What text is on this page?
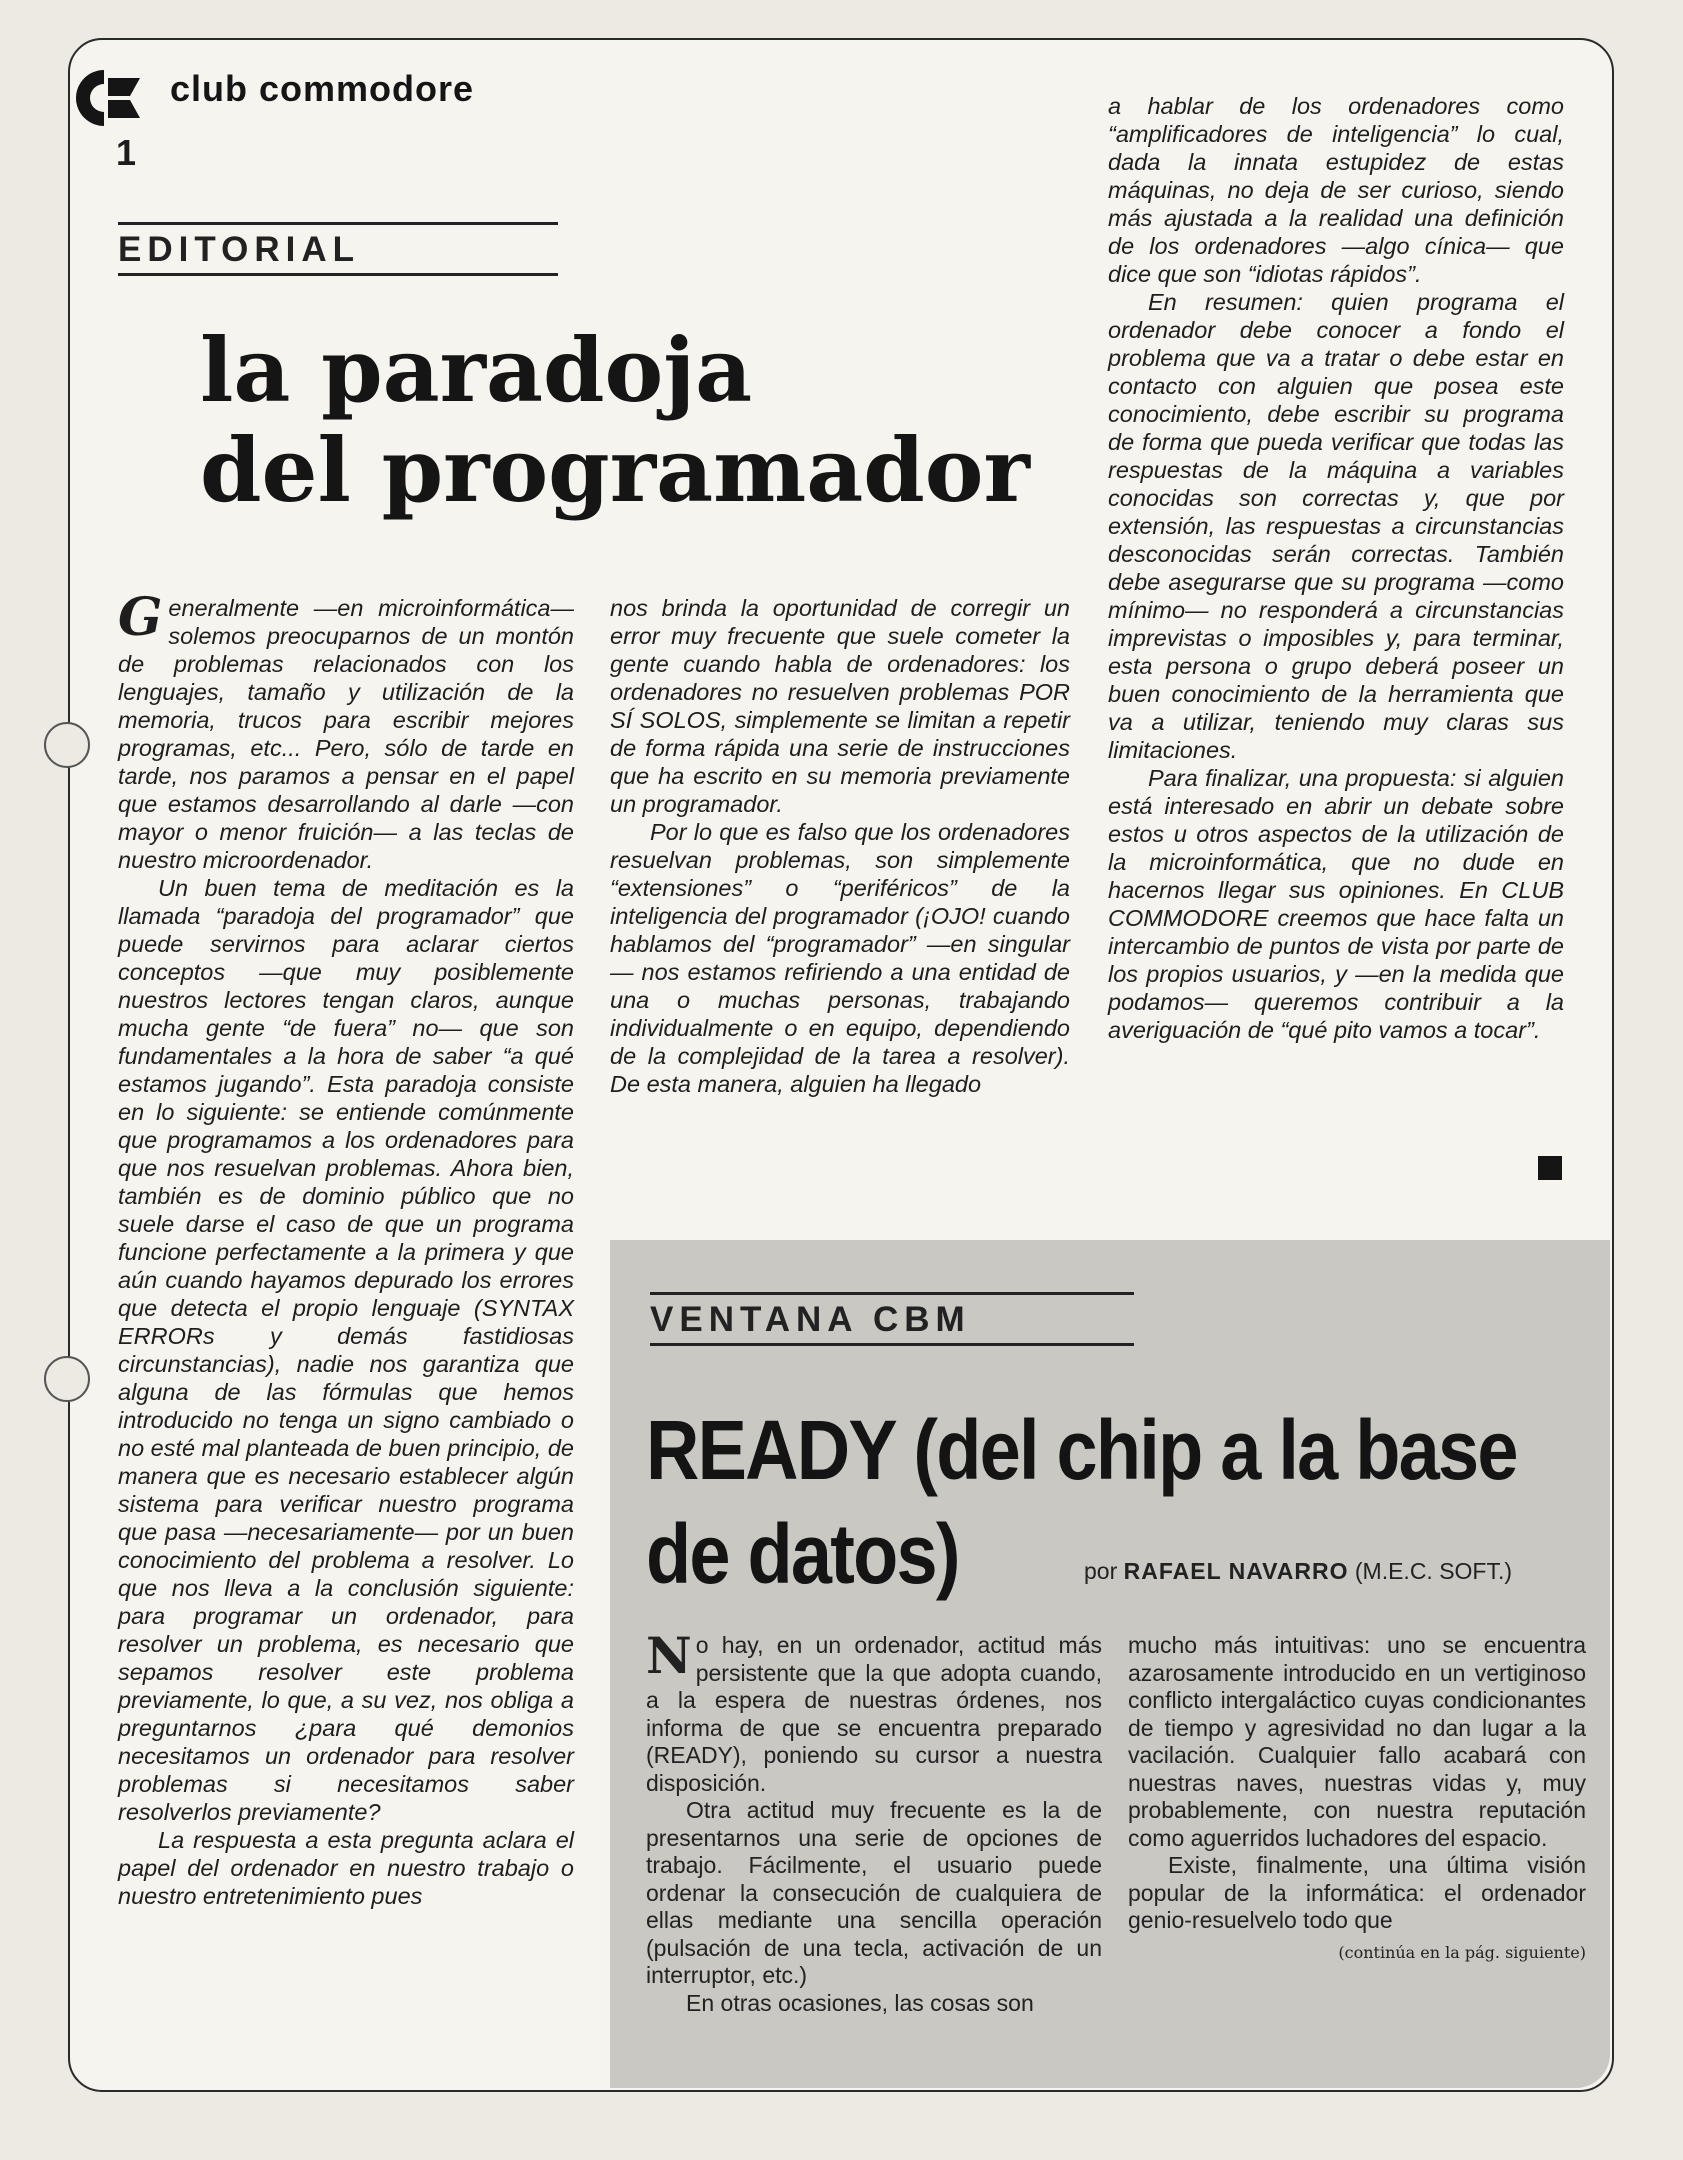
club commodore
1
EDITORIAL
la paradoja
del programador

Generalmente —en microinformática— solemos preocuparnos de un montón de problemas relacionados con los lenguajes, tamaño y utilización de la memoria, trucos para escribir mejores programas, etc... Pero, sólo de tarde en tarde, nos paramos a pensar en el papel que estamos desarrollando al darle —con mayor o menor fruición— a las teclas de nuestro microordenador.

Un buen tema de meditación es la llamada “paradoja del programador” que puede servirnos para aclarar ciertos conceptos —que muy posiblemente nuestros lectores tengan claros, aunque mucha gente “de fuera” no— que son fundamentales a la hora de saber “a qué estamos jugando”. Esta paradoja consiste en lo siguiente: se entiende comúnmente que programamos a los ordenadores para que nos resuelvan problemas. Ahora bien, también es de dominio público que no suele darse el caso de que un programa funcione perfectamente a la primera y que aún cuando hayamos depurado los errores que detecta el propio lenguaje (SYNTAX ERRORs y demás fastidiosas circunstancias), nadie nos garantiza que alguna de las fórmulas que hemos introducido no tenga un signo cambiado o no esté mal planteada de buen principio, de manera que es necesario establecer algún sistema para verificar nuestro programa que pasa —necesariamente— por un buen conocimiento del problema a resolver. Lo que nos lleva a la conclusión siguiente: para programar un ordenador, para resolver un problema, es necesario que sepamos resolver este problema previamente, lo que, a su vez, nos obliga a preguntarnos ¿para qué demonios necesitamos un ordenador para resolver problemas si necesitamos saber resolverlos previamente?

La respuesta a esta pregunta aclara el papel del ordenador en nuestro trabajo o nuestro entretenimiento pues

nos brinda la oportunidad de corregir un error muy frecuente que suele cometer la gente cuando habla de ordenadores: los ordenadores no resuelven problemas POR SÍ SOLOS, simplemente se limitan a repetir de forma rápida una serie de instrucciones que ha escrito en su memoria previamente un programador.

Por lo que es falso que los ordenadores resuelvan problemas, son simplemente “extensiones” o “periféricos” de la inteligencia del programador (¡OJO! cuando hablamos del “programador” —en singular— nos estamos refiriendo a una entidad de una o muchas personas, trabajando individualmente o en equipo, dependiendo de la complejidad de la tarea a resolver). De esta manera, alguien ha llegado

a hablar de los ordenadores como “amplificadores de inteligencia” lo cual, dada la innata estupidez de estas máquinas, no deja de ser curioso, siendo más ajustada a la realidad una definición de los ordenadores —algo cínica— que dice que son “idiotas rápidos”.

En resumen: quien programa el ordenador debe conocer a fondo el problema que va a tratar o debe estar en contacto con alguien que posea este conocimiento, debe escribir su programa de forma que pueda verificar que todas las respuestas de la máquina a variables conocidas son correctas y, que por extensión, las respuestas a circunstancias desconocidas serán correctas. También debe asegurarse que su programa —como mínimo— no responderá a circunstancias imprevistas o imposibles y, para terminar, esta persona o grupo deberá poseer un buen conocimiento de la herramienta que va a utilizar, teniendo muy claras sus limitaciones.

Para finalizar, una propuesta: si alguien está interesado en abrir un debate sobre estos u otros aspectos de la utilización de la microinformática, que no dude en hacernos llegar sus opiniones. En CLUB COMMODORE creemos que hace falta un intercambio de puntos de vista por parte de los propios usuarios, y —en la medida que podamos— queremos contribuir a la averiguación de “qué pito vamos a tocar”.

VENTANA CBM
READY (del chip a la base
de datos)	por RAFAEL NAVARRO (M.E.C. SOFT.)

No hay, en un ordenador, actitud más persistente que la que adopta cuando, a la espera de nuestras órdenes, nos informa de que se encuentra preparado (READY), poniendo su cursor a nuestra disposición.

Otra actitud muy frecuente es la de presentarnos una serie de opciones de trabajo. Fácilmente, el usuario puede ordenar la consecución de cualquiera de ellas mediante una sencilla operación (pulsación de una tecla, activación de un interruptor, etc.)

En otras ocasiones, las cosas son

mucho más intuitivas: uno se encuentra azarosamente introducido en un vertiginoso conflicto intergaláctico cuyas condicionantes de tiempo y agresividad no dan lugar a la vacilación. Cualquier fallo acabará con nuestras naves, nuestras vidas y, muy probablemente, con nuestra reputación como aguerridos luchadores del espacio.

Existe, finalmente, una última visión popular de la informática: el ordenador genio-resuelvelo todo que

(continúa en la pág. siguiente)
